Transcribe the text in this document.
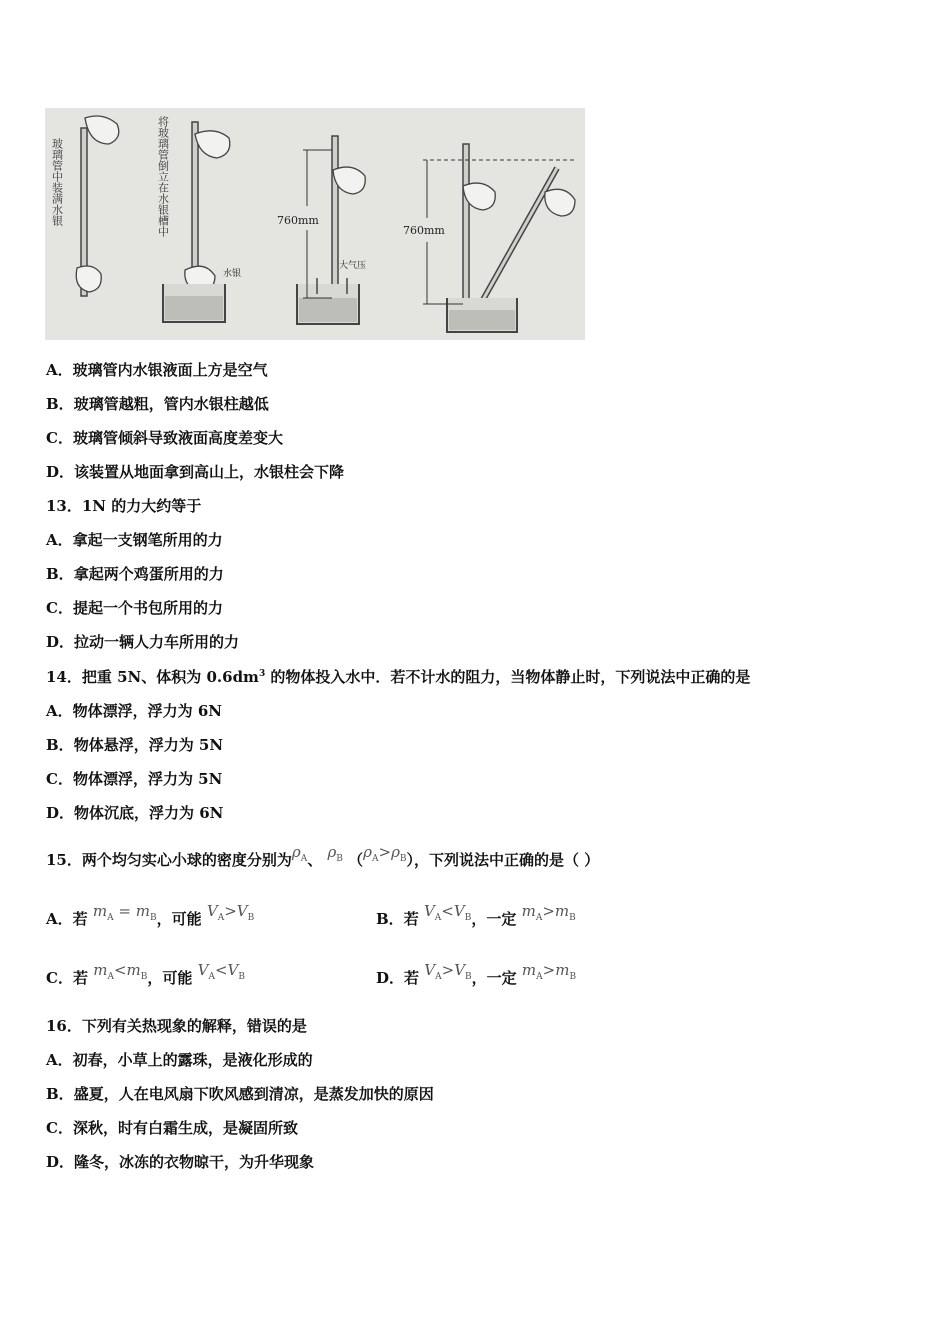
玻璃管中装满水银	将玻璃管倒立在水银槽中
水银
760mm
大气压
760mm
A．玻璃管内水银液面上方是空气
B．玻璃管越粗，管内水银柱越低
C．玻璃管倾斜导致液面高度差变大
D．该装置从地面拿到高山上，水银柱会下降
13．1N 的力大约等于
A．拿起一支钢笔所用的力
B．拿起两个鸡蛋所用的力
C．提起一个书包所用的力
D．拉动一辆人力车所用的力
14．把重 5N、体积为 $0.6dm^3$ 的物体投入水中．若不计水的阻力，当物体静止时，下列说法中正确的是
A．物体漂浮，浮力为 6N
B．物体悬浮，浮力为 5N
C．物体漂浮，浮力为 5N
D．物体沉底，浮力为 6N
15．两个均匀实心小球的密度分别为$\rho_A$、 $\rho_B$ $(\rho_A>\rho_B)$，下列说法中正确的是（ ）
A．若 $m_A = m_B$，可能 $V_A>V_B$	B．若 $V_A<V_B$，一定 $m_A>m_B$
C．若 $m_A<m_B$，可能 $V_A<V_B$	D．若 $V_A>V_B$，一定 $m_A>m_B$
16．下列有关热现象的解释，错误的是
A．初春，小草上的露珠，是液化形成的
B．盛夏，人在电风扇下吹风感到清凉，是蒸发加快的原因
C．深秋，时有白霜生成，是凝固所致
D．隆冬，冰冻的衣物晾干，为升华现象
